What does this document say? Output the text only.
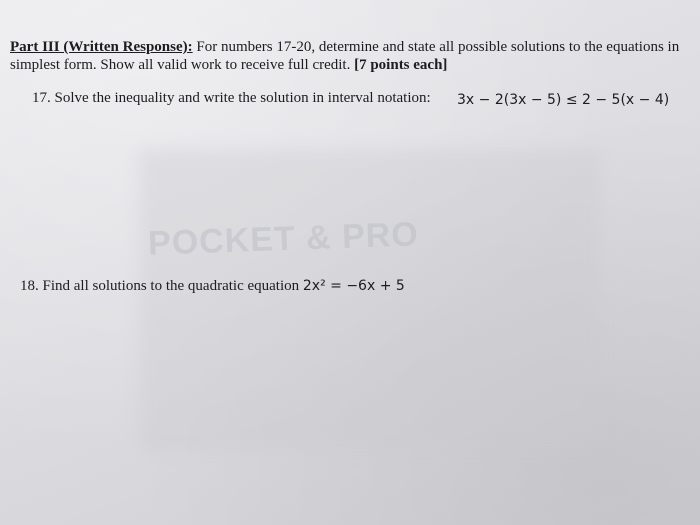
POCKET & PRO
Part III (Written Response): For numbers 17-20, determine and state all possible solutions to the equations in
simplest form. Show all valid work to receive full credit. [7 points each]
17. Solve the inequality and write the solution in interval notation: 3x − 2(3x − 5) ≤ 2 − 5(x − 4)
18. Find all solutions to the quadratic equation 2x² = −6x + 5
